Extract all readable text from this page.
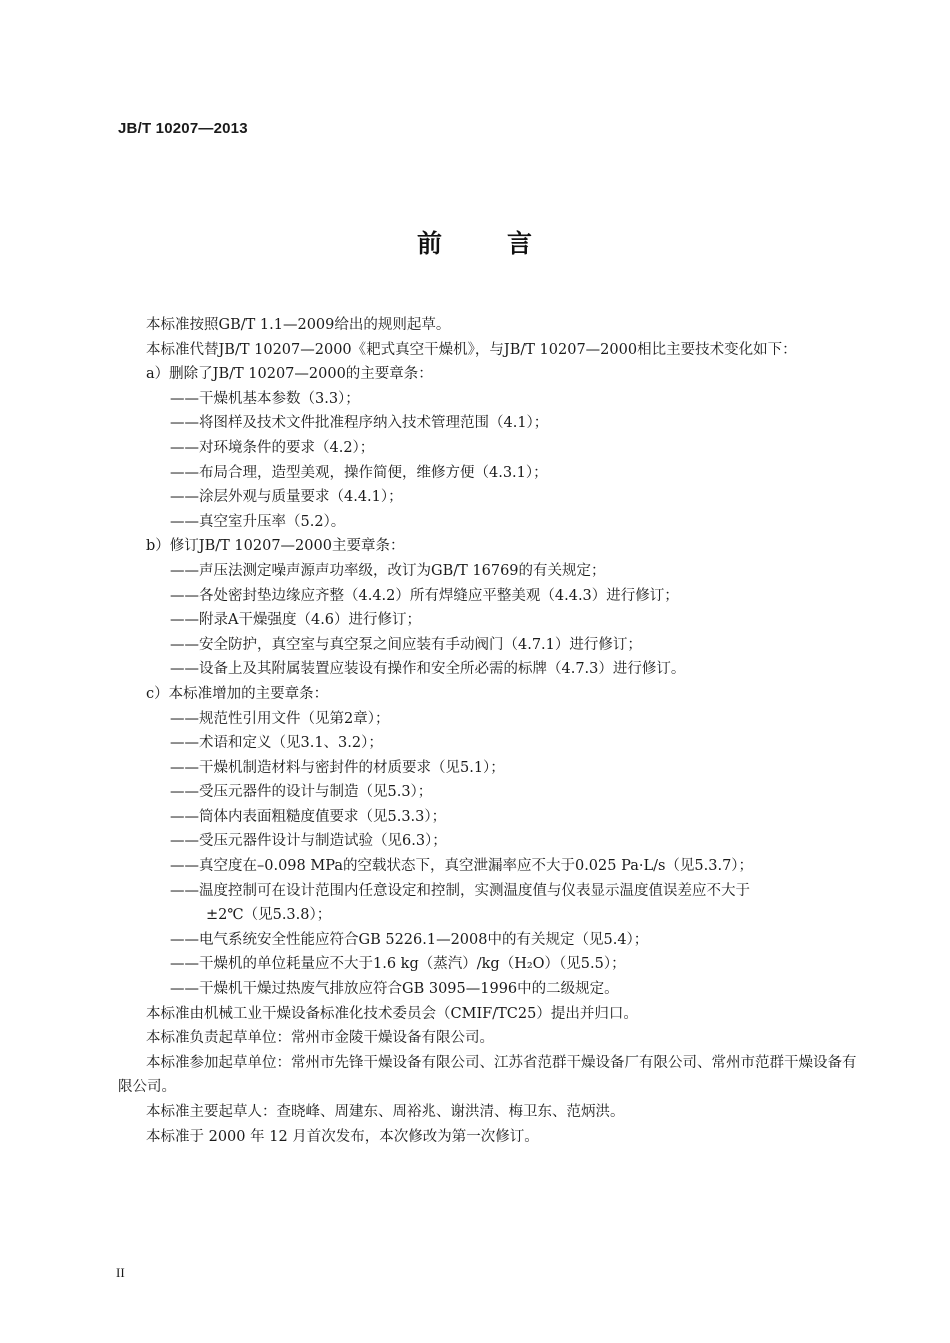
JB/T 10207—2013
前	言
本标准按照GB/T 1.1—2009给出的规则起草。
本标准代替JB/T 10207—2000《耙式真空干燥机》，与JB/T 10207—2000相比主要技术变化如下：
a）删除了JB/T 10207—2000的主要章条：
——干燥机基本参数（3.3）；
——将图样及技术文件批准程序纳入技术管理范围（4.1）；
——对环境条件的要求（4.2）；
——布局合理，造型美观，操作简便，维修方便（4.3.1）；
——涂层外观与质量要求（4.4.1）；
——真空室升压率（5.2）。
b）修订JB/T 10207—2000主要章条：
——声压法测定噪声源声功率级，改订为GB/T 16769的有关规定；
——各处密封垫边缘应齐整（4.4.2）所有焊缝应平整美观（4.4.3）进行修订；
——附录A干燥强度（4.6）进行修订；
——安全防护，真空室与真空泵之间应装有手动阀门（4.7.1）进行修订；
——设备上及其附属装置应装设有操作和安全所必需的标牌（4.7.3）进行修订。
c）本标准增加的主要章条：
——规范性引用文件（见第2章）；
——术语和定义（见3.1、3.2）；
——干燥机制造材料与密封件的材质要求（见5.1）；
——受压元器件的设计与制造（见5.3）；
——筒体内表面粗糙度值要求（见5.3.3）；
——受压元器件设计与制造试验（见6.3）；
——真空度在–0.098 MPa的空载状态下，真空泄漏率应不大于0.025 Pa·L/s（见5.3.7）；
——温度控制可在设计范围内任意设定和控制，实测温度值与仪表显示温度值误差应不大于
±2℃（见5.3.8）；
——电气系统安全性能应符合GB 5226.1—2008中的有关规定（见5.4）；
——干燥机的单位耗量应不大于1.6 kg（蒸汽）/kg（H₂O）（见5.5）；
——干燥机干燥过热废气排放应符合GB 3095—1996中的二级规定。
本标准由机械工业干燥设备标准化技术委员会（CMIF/TC25）提出并归口。
本标准负责起草单位：常州市金陵干燥设备有限公司。
本标准参加起草单位：常州市先锋干燥设备有限公司、江苏省范群干燥设备厂有限公司、常州市范群干燥设备有限公司。
本标准主要起草人：查晓峰、周建东、周裕兆、谢洪清、梅卫东、范炳洪。
本标准于 2000 年 12 月首次发布，本次修改为第一次修订。
II
